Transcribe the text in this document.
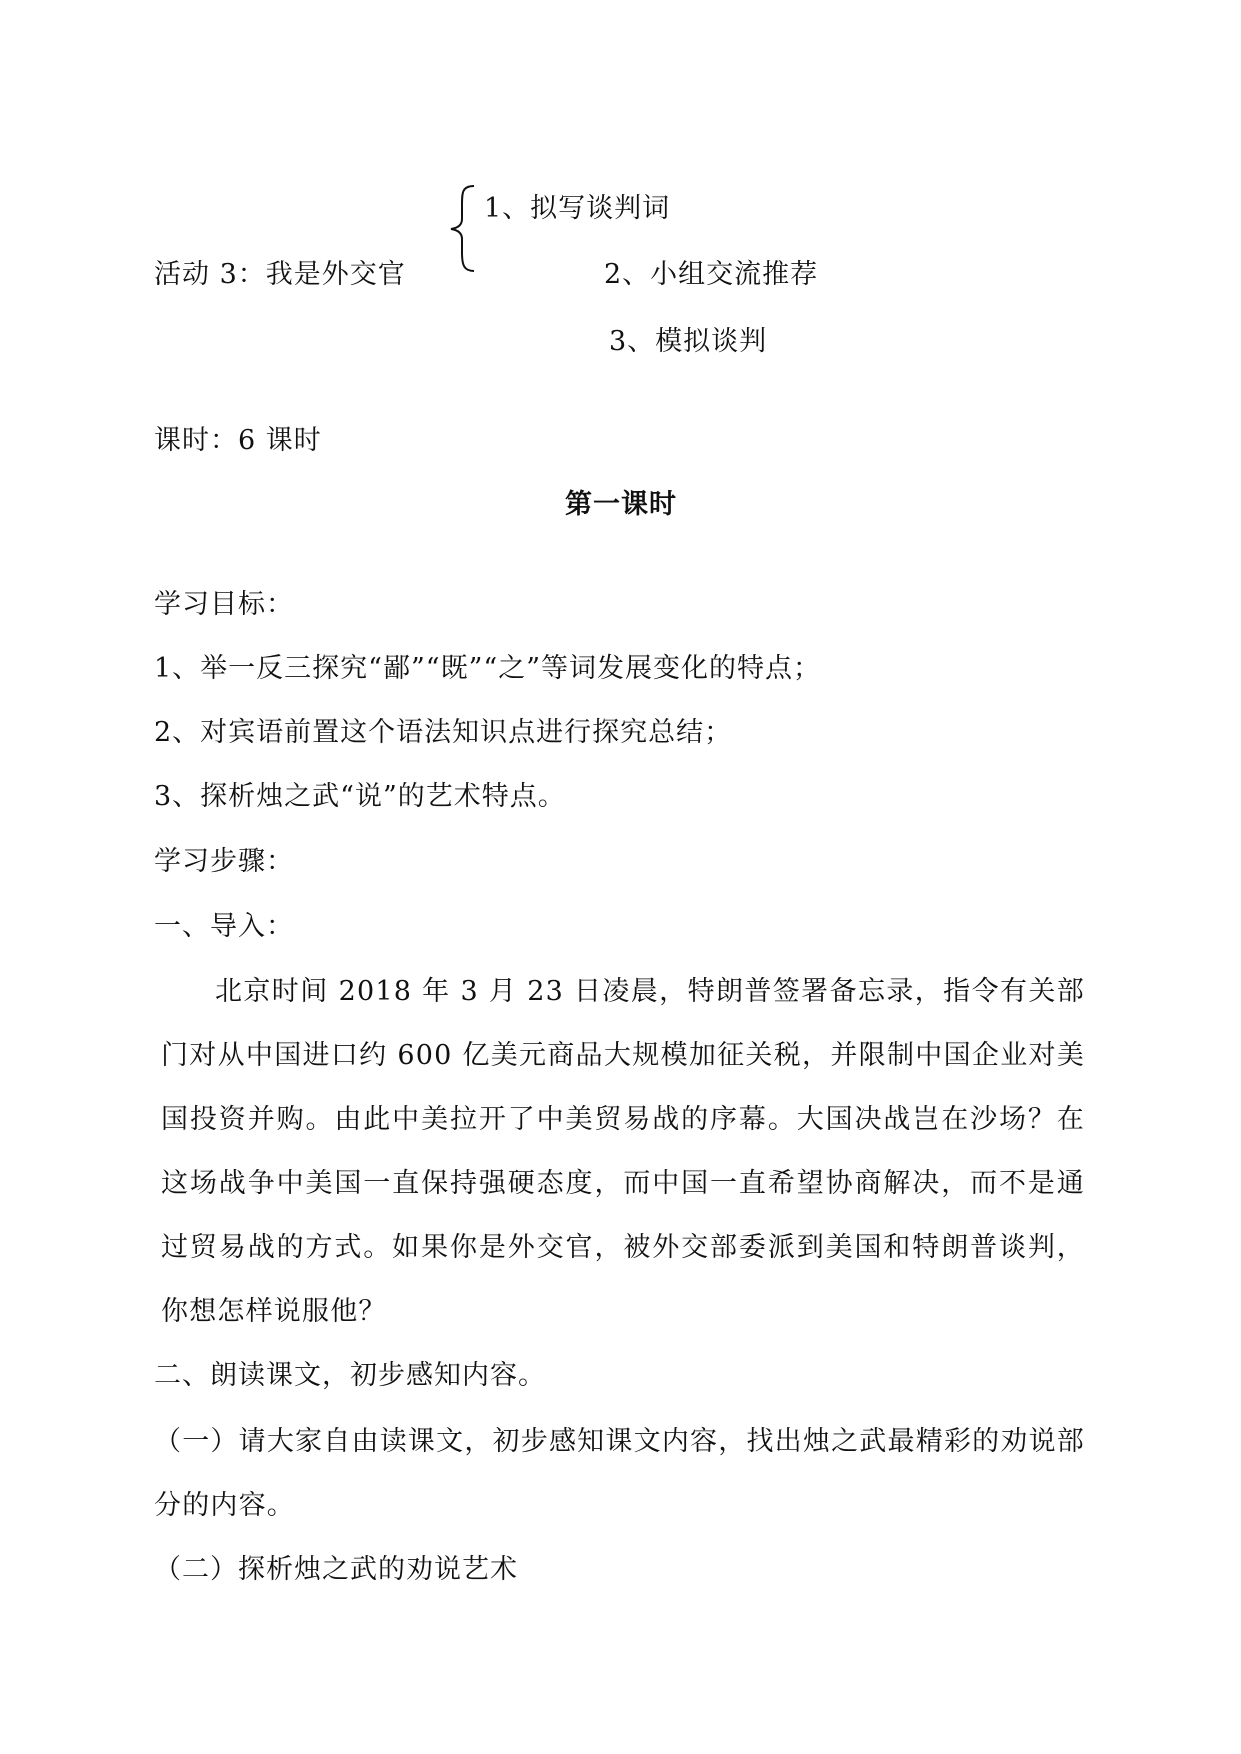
1、拟写谈判词
活动 3：我是外交官	2、小组交流推荐
3、模拟谈判
课时：6 课时
第一课时
学习目标：
1、举一反三探究“鄙”“既”“之”等词发展变化的特点；
2、对宾语前置这个语法知识点进行探究总结；
3、探析烛之武“说”的艺术特点。
学习步骤：
一、导入：
北京时间 2018 年 3 月 23 日凌晨，特朗普签署备忘录，指令有关部门对从中国进口约 600 亿美元商品大规模加征关税，并限制中国企业对美国投资并购。由此中美拉开了中美贸易战的序幕。大国决战岂在沙场？在这场战争中美国一直保持强硬态度，而中国一直希望协商解决，而不是通过贸易战的方式。如果你是外交官，被外交部委派到美国和特朗普谈判，你想怎样说服他？
二、朗读课文，初步感知内容。
（一）请大家自由读课文，初步感知课文内容，找出烛之武最精彩的劝说部分的内容。
（二）探析烛之武的劝说艺术
